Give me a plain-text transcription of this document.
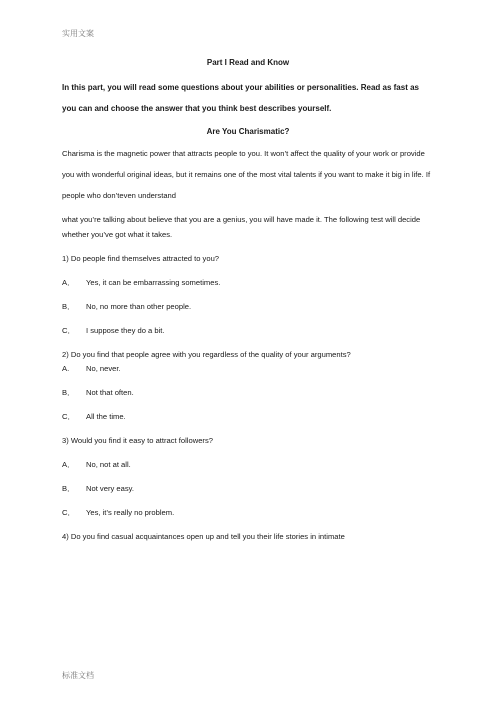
实用文案
Part I Read and Know
In this part, you will read some questions about your abilities or personalities. Read as fast as you can and choose the answer that you think best describes yourself.
Are You Charismatic?
Charisma is the magnetic power that attracts people to you. It won’t affect the quality of your work or provide you with wonderful original ideas, but it remains one of the most vital talents if you want to make it big in life. If people who don’teven understand
what you’re talking about believe that you are a genius, you will have made it. The following test will decide whether you’ve got what it takes.
1) Do people find themselves attracted to you?
A．	Yes, it can be embarrassing sometimes.
B．	No, no more than other people.
C．	I suppose they do a bit.
2) Do you find that people agree with you regardless of the quality of your arguments?
A.	No, never.
B．	Not that often.
C．	All the time.
3) Would you find it easy to attract followers?
A．	No, not at all.
B．	Not very easy.
C．	Yes, it’s really no problem.
4) Do you find casual acquaintances open up and tell you their life stories in intimate
标准文档
